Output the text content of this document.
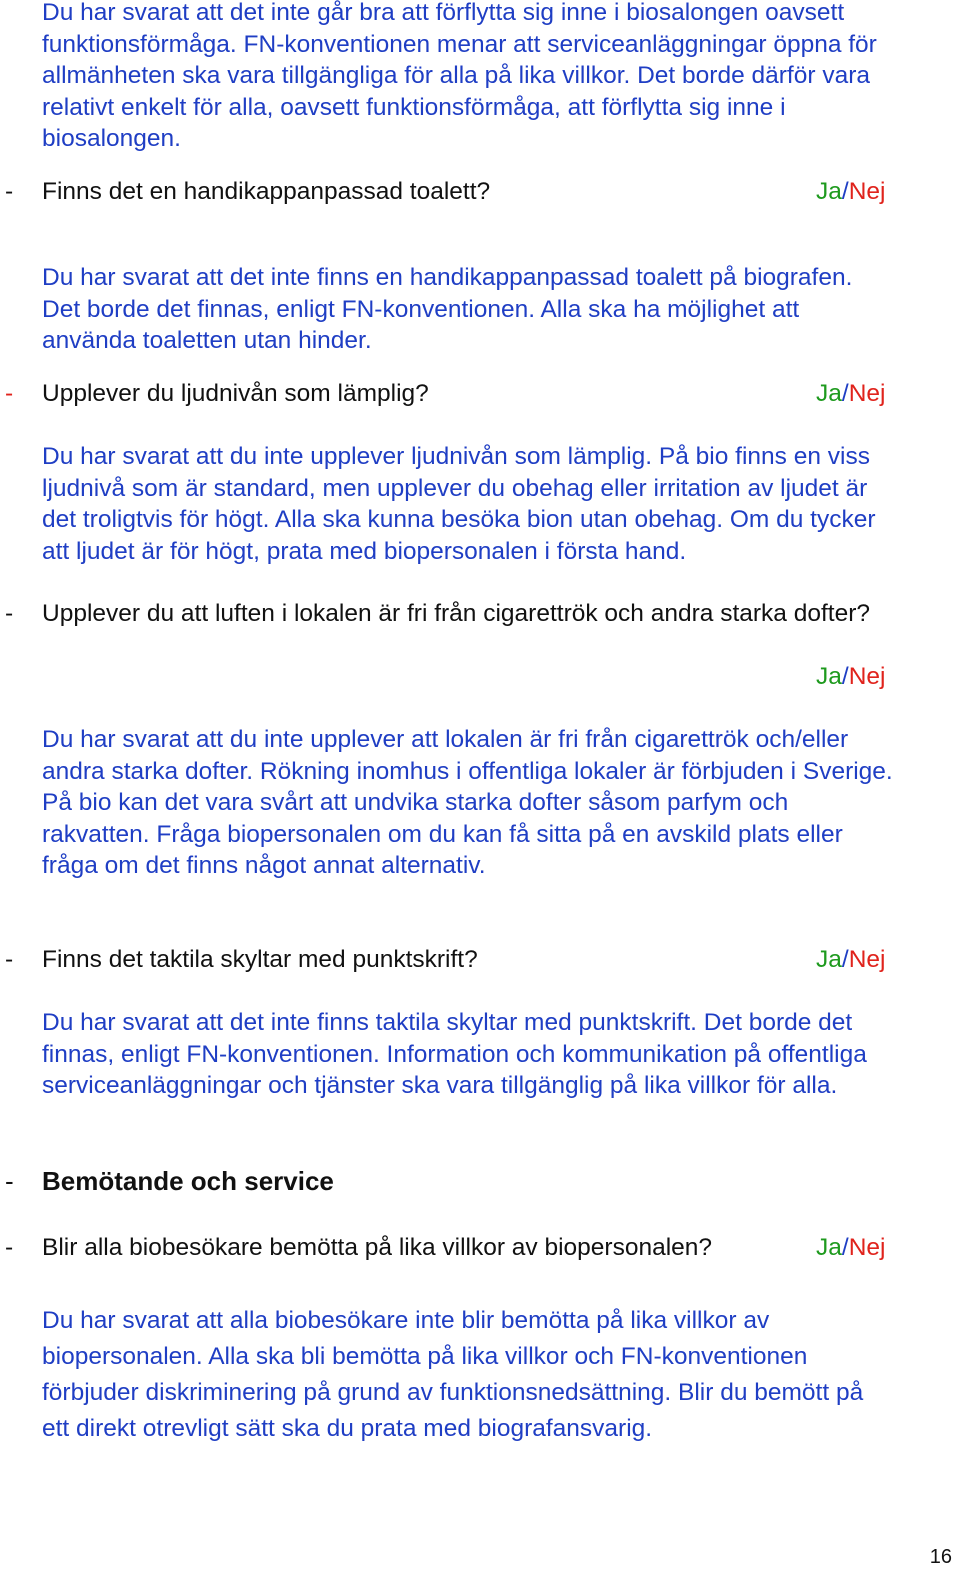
Du har svarat att det inte går bra att förflytta sig inne i biosalongen oavsett
funktionsförmåga. FN-konventionen menar att serviceanläggningar öppna för
allmänheten ska vara tillgängliga för alla på lika villkor. Det borde därför vara
relativt enkelt för alla, oavsett funktionsförmåga, att förflytta sig inne i
biosalongen.
- Finns det en handikappanpassad toalett?	Ja/Nej
Du har svarat att det inte finns en handikappanpassad toalett på biografen.
Det borde det finnas, enligt FN-konventionen. Alla ska ha möjlighet att
använda toaletten utan hinder.
- Upplever du ljudnivån som lämplig?	Ja/Nej
Du har svarat att du inte upplever ljudnivån som lämplig. På bio finns en viss
ljudnivå som är standard, men upplever du obehag eller irritation av ljudet är
det troligtvis för högt. Alla ska kunna besöka bion utan obehag. Om du tycker
att ljudet är för högt, prata med biopersonalen i första hand.
- Upplever du att luften i lokalen är fri från cigarettrök och andra starka dofter?
Ja/Nej
Du har svarat att du inte upplever att lokalen är fri från cigarettrök och/eller
andra starka dofter. Rökning inomhus i offentliga lokaler är förbjuden i Sverige.
På bio kan det vara svårt att undvika starka dofter såsom parfym och
rakvatten. Fråga biopersonalen om du kan få sitta på en avskild plats eller
fråga om det finns något annat alternativ.
- Finns det taktila skyltar med punktskrift?	Ja/Nej
Du har svarat att det inte finns taktila skyltar med punktskrift. Det borde det
finnas, enligt FN-konventionen. Information och kommunikation på offentliga
serviceanläggningar och tjänster ska vara tillgänglig på lika villkor för alla.
- Bemötande och service
- Blir alla biobesökare bemötta på lika villkor av biopersonalen?	Ja/Nej
Du har svarat att alla biobesökare inte blir bemötta på lika villkor av
biopersonalen. Alla ska bli bemötta på lika villkor och FN-konventionen
förbjuder diskriminering på grund av funktionsnedsättning. Blir du bemött på
ett direkt otrevligt sätt ska du prata med biografansvarig.
16
